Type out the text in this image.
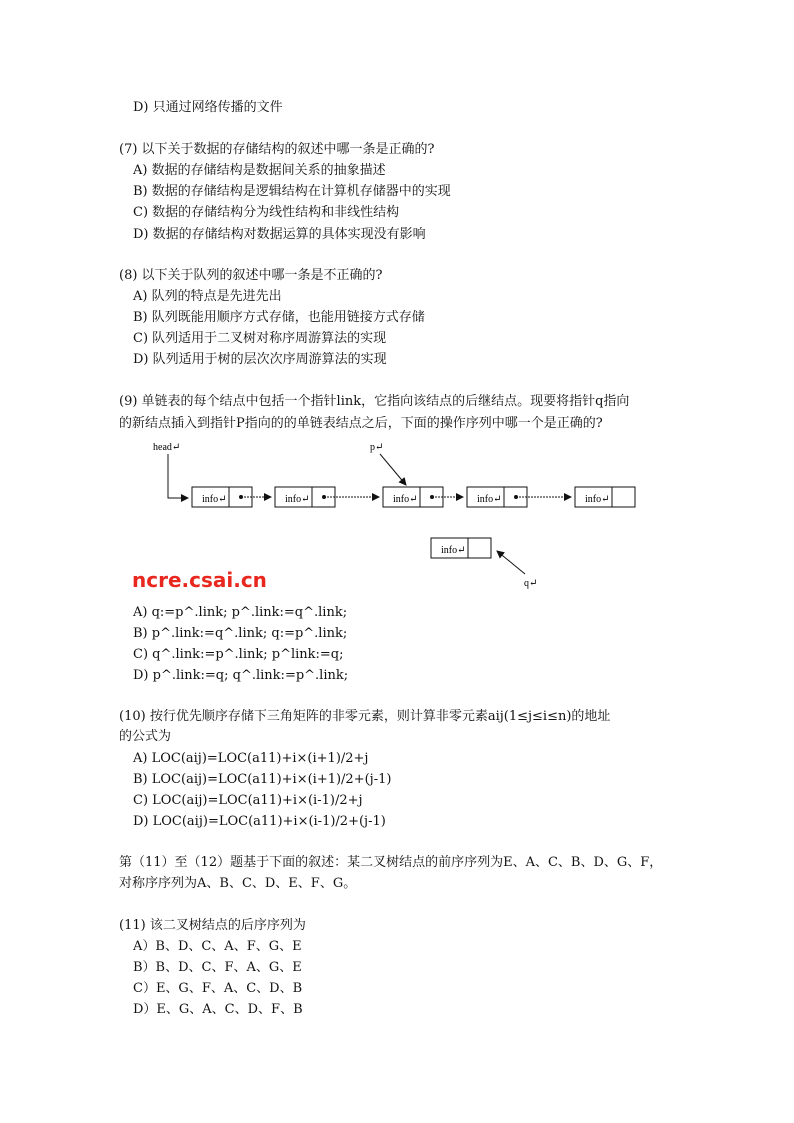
D) 只通过网络传播的文件
(7) 以下关于数据的存储结构的叙述中哪一条是正确的?
A) 数据的存储结构是数据间关系的抽象描述
B) 数据的存储结构是逻辑结构在计算机存储器中的实现
C) 数据的存储结构分为线性结构和非线性结构
D) 数据的存储结构对数据运算的具体实现没有影响
(8) 以下关于队列的叙述中哪一条是不正确的?
A) 队列的特点是先进先出
B) 队列既能用顺序方式存储，也能用链接方式存储
C) 队列适用于二叉树对称序周游算法的实现
D) 队列适用于树的层次次序周游算法的实现
(9) 单链表的每个结点中包括一个指针link，它指向该结点的后继结点。现要将指针q指向
的新结点插入到指针P指向的的单链表结点之后，下面的操作序列中哪一个是正确的?
head↵
info↵	info↵	info↵
p↵
info↵	info↵
info↵
q↵
ncre.csai.cn
A) q:=p^.link; p^.link:=q^.link;
B) p^.link:=q^.link; q:=p^.link;
C) q^.link:=p^.link; p^link:=q;
D) p^.link:=q; q^.link:=p^.link;
(10) 按行优先顺序存储下三角矩阵的非零元素，则计算非零元素aij(1≤j≤i≤n)的地址
的公式为
A) LOC(aij)=LOC(a11)+i×(i+1)/2+j
B) LOC(aij)=LOC(a11)+i×(i+1)/2+(j-1)
C) LOC(aij)=LOC(a11)+i×(i-1)/2+j
D) LOC(aij)=LOC(a11)+i×(i-1)/2+(j-1)
第（11）至（12）题基于下面的叙述：某二叉树结点的前序序列为E、A、C、B、D、G、F，
对称序序列为A、B、C、D、E、F、G。
(11) 该二叉树结点的后序序列为
A）B、D、C、A、F、G、E
B）B、D、C、F、A、G、E
C）E、G、F、A、C、D、B
D）E、G、A、C、D、F、B
